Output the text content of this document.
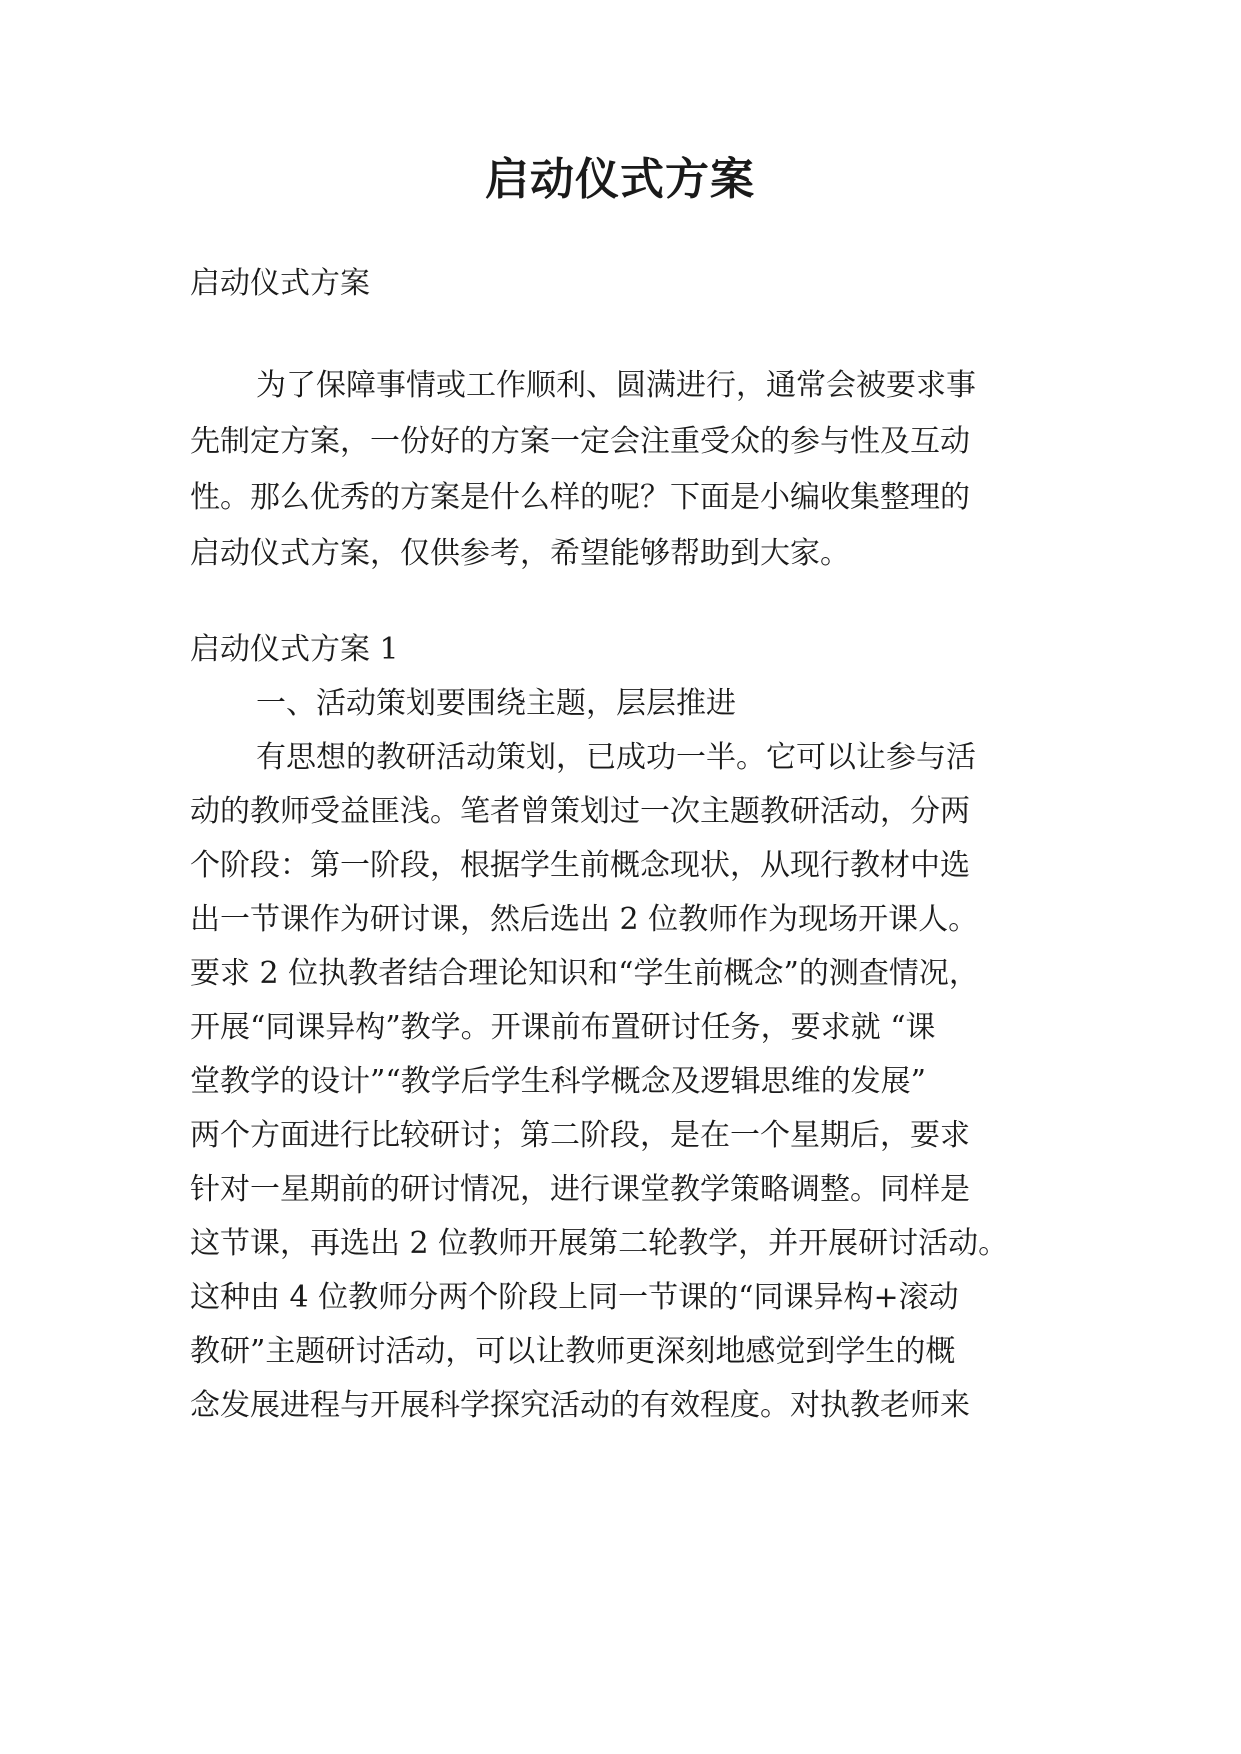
启动仪式方案
启动仪式方案
为了保障事情或工作顺利、圆满进行，通常会被要求事
先制定方案，一份好的方案一定会注重受众的参与性及互动
性。那么优秀的方案是什么样的呢？下面是小编收集整理的
启动仪式方案，仅供参考，希望能够帮助到大家。
启动仪式方案 1
一、活动策划要围绕主题，层层推进
有思想的教研活动策划，已成功一半。它可以让参与活
动的教师受益匪浅。笔者曾策划过一次主题教研活动，分两
个阶段：第一阶段，根据学生前概念现状，从现行教材中选
出一节课作为研讨课，然后选出 2 位教师作为现场开课人。
要求 2 位执教者结合理论知识和“学生前概念”的测查情况，
开展“同课异构”教学。开课前布置研讨任务，要求就 “课
堂教学的设计”“教学后学生科学概念及逻辑思维的发展”
两个方面进行比较研讨；第二阶段，是在一个星期后，要求
针对一星期前的研讨情况，进行课堂教学策略调整。同样是
这节课，再选出 2 位教师开展第二轮教学，并开展研讨活动。
这种由 4 位教师分两个阶段上同一节课的“同课异构+滚动
教研”主题研讨活动，可以让教师更深刻地感觉到学生的概
念发展进程与开展科学探究活动的有效程度。对执教老师来
